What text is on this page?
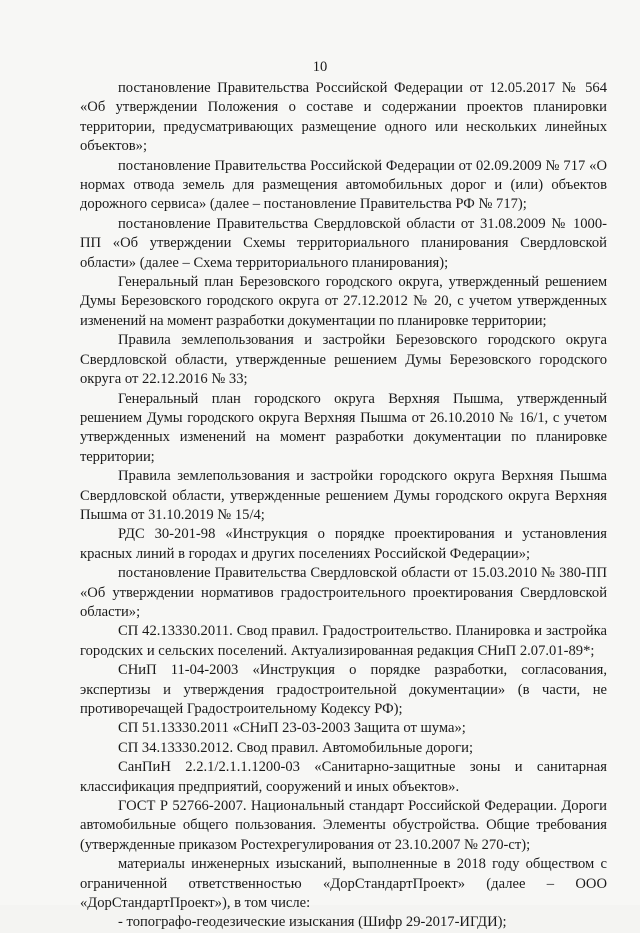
10

постановление Правительства Российской Федерации от 12.05.2017 № 564 «Об утверждении Положения о составе и содержании проектов планировки территории, предусматривающих размещение одного или нескольких линейных объектов»;

постановление Правительства Российской Федерации от 02.09.2009 № 717 «О нормах отвода земель для размещения автомобильных дорог и (или) объектов дорожного сервиса» (далее – постановление Правительства РФ № 717);

постановление Правительства Свердловской области от 31.08.2009 № 1000-ПП «Об утверждении Схемы территориального планирования Свердловской области» (далее – Схема территориального планирования);

Генеральный план Березовского городского округа, утвержденный решением Думы Березовского городского округа от 27.12.2012 № 20, с учетом утвержденных изменений на момент разработки документации по планировке территории;

Правила землепользования и застройки Березовского городского округа Свердловской области, утвержденные решением Думы Березовского городского округа от 22.12.2016 № 33;

Генеральный план городского округа Верхняя Пышма, утвержденный решением Думы городского округа Верхняя Пышма от 26.10.2010 № 16/1, с учетом утвержденных изменений на момент разработки документации по планировке территории;

Правила землепользования и застройки городского округа Верхняя Пышма Свердловской области, утвержденные решением Думы городского округа Верхняя Пышма от 31.10.2019 № 15/4;

РДС 30-201-98 «Инструкция о порядке проектирования и установления красных линий в городах и других поселениях Российской Федерации»;

постановление Правительства Свердловской области от 15.03.2010 № 380-ПП «Об утверждении нормативов градостроительного проектирования Свердловской области»;

СП 42.13330.2011. Свод правил. Градостроительство. Планировка и застройка городских и сельских поселений. Актуализированная редакция СНиП 2.07.01-89*;

СНиП 11-04-2003 «Инструкция о порядке разработки, согласования, экспертизы и утверждения градостроительной документации» (в части, не противоречащей Градостроительному Кодексу РФ);

СП 51.13330.2011 «СНиП 23-03-2003 Защита от шума»;

СП 34.13330.2012. Свод правил. Автомобильные дороги;

СанПиН 2.2.1/2.1.1.1200-03 «Санитарно-защитные зоны и санитарная классификация предприятий, сооружений и иных объектов».

ГОСТ Р 52766-2007. Национальный стандарт Российской Федерации. Дороги автомобильные общего пользования. Элементы обустройства. Общие требования (утвержденные приказом Ростехрегулирования от 23.10.2007 № 270-ст);

материалы инженерных изысканий, выполненные в 2018 году обществом с ограниченной ответственностью «ДорСтандартПроект» (далее – ООО «ДорСтандартПроект»), в том числе:

- топографо-геодезические изыскания (Шифр 29-2017-ИГДИ);
